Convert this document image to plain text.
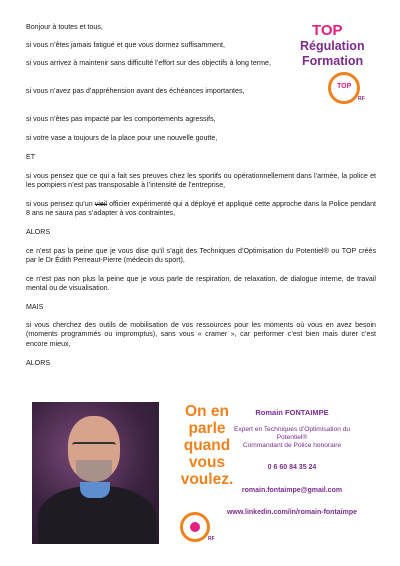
TOP
Régulation
Formation
TOP
RF
Bonjour à toutes et tous,
si vous n’êtes jamais fatigué et que vous dormez suffisamment,
si vous arrivez à maintenir sans difficulté l’effort sur des objectifs à long terme,
si vous n’avez pas d’appréhension avant des échéances importantes,
si vous n’êtes pas impacté par les comportements agressifs,
si votre vase a toujours de la place pour une nouvelle goutte,
ET
si vous pensez que ce qui a fait ses preuves chez les sportifs ou opérationnellement dans l’armée, la police et les pompiers n’est pas transposable à l’intensité de l’entreprise,
si vous pensez qu’un vieil officier expérimenté qui a déployé et appliqué cette approche dans la Police pendant 8 ans ne saura pas s’adapter à vos contraintes,
ALORS
ce n’est pas la peine que je vous dise qu’il s’agit des Techniques d’Optimisation du Potentiel® ou TOP créés par le Dr Édith Perreaut-Pierre (médecin du sport),
ce n’est pas non plus la peine que je vous parle de respiration, de relaxation, de dialogue interne, de travail mental ou de visualisation.
MAIS
si vous cherchez des outils de mobilisation de vos ressources pour les moments où vous en avez besoin (moments programmés ou impromptus), sans vous « cramer », car performer c’est bien mais durer c’est encore mieux,
ALORS
On en
parle
quand
vous
voulez.
RF
Romain FONTAIMPE
Expert en Techniques d’Optimisation du
Potentiel®
Commandant de Police honoraire
0 6 60 84 35 24
romain.fontaimpe@gmail.com
www.linkedin.com/in/romain-fontaimpe
